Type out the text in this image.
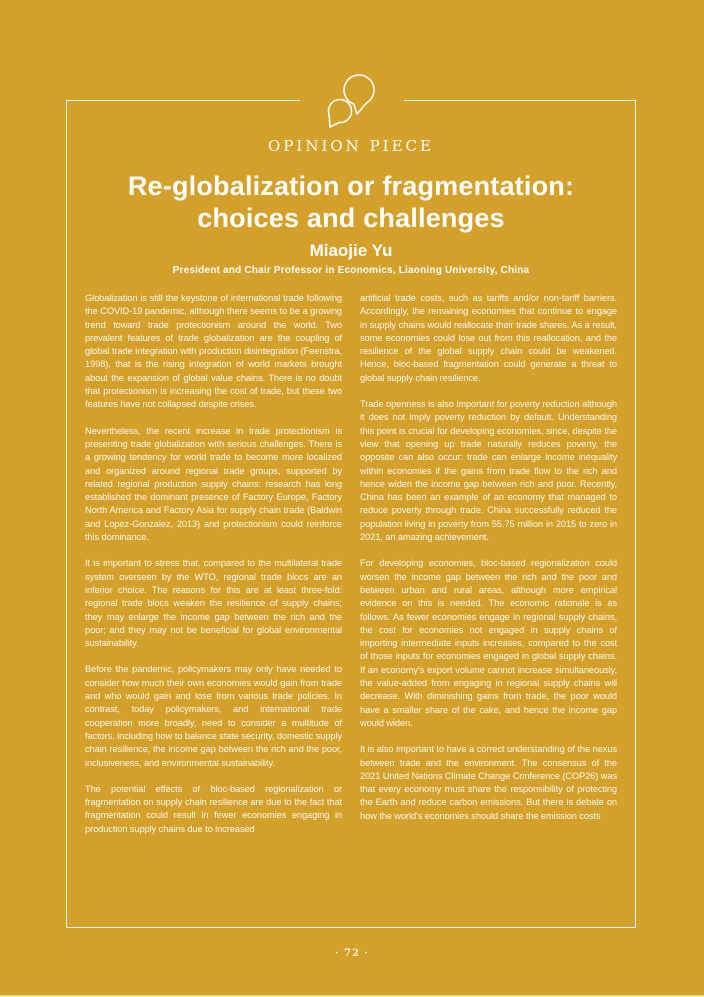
OPINION PIECE
Re-globalization or fragmentation:
choices and challenges
Miaojie Yu
President and Chair Professor in Economics, Liaoning University, China

Globalization is still the keystone of international trade following the COVID-19 pandemic, although there seems to be a growing trend toward trade protectionism around the world. Two prevalent features of trade globalization are the coupling of global trade integration with production disintegration (Feenstra, 1998), that is the rising integration of world markets brought about the expansion of global value chains. There is no doubt that protectionism is increasing the cost of trade, but these two features have not collapsed despite crises.

Nevertheless, the recent increase in trade protectionism is presenting trade globalization with serious challenges. There is a growing tendency for world trade to become more localized and organized around regional trade groups, supported by related regional production supply chains: research has long established the dominant presence of Factory Europe, Factory North America and Factory Asia for supply chain trade (Baldwin and Lopez-Gonzalez, 2013) and protectionism could reinforce this dominance.

It is important to stress that, compared to the multilateral trade system overseen by the WTO, regional trade blocs are an inferior choice. The reasons for this are at least three-fold: regional trade blocs weaken the resilience of supply chains; they may enlarge the income gap between the rich and the poor; and they may not be beneficial for global environmental sustainability.

Before the pandemic, policymakers may only have needed to consider how much their own economies would gain from trade and who would gain and lose from various trade policies. In contrast, today policymakers, and international trade cooperation more broadly, need to consider a multitude of factors, including how to balance state security, domestic supply chain resilience, the income gap between the rich and the poor, inclusiveness, and environmental sustainability.

The potential effects of bloc-based regionalization or fragmentation on supply chain resilience are due to the fact that fragmentation could result in fewer economies engaging in production supply chains due to increased

artificial trade costs, such as tariffs and/or non-tariff barriers. Accordingly, the remaining economies that continue to engage in supply chains would reallocate their trade shares. As a result, some economies could lose out from this reallocation, and the resilience of the global supply chain could be weakened. Hence, bloc-based fragmentation could generate a threat to global supply chain resilience.

Trade openness is also important for poverty reduction although it does not imply poverty reduction by default. Understanding this point is crucial for developing economies, since, despite the view that opening up trade naturally reduces poverty, the opposite can also occur: trade can enlarge income inequality within economies if the gains from trade flow to the rich and hence widen the income gap between rich and poor. Recently, China has been an example of an economy that managed to reduce poverty through trade. China successfully reduced the population living in poverty from 55.75 million in 2015 to zero in 2021, an amazing achievement.

For developing economies, bloc-based regionalization could worsen the income gap between the rich and the poor and between urban and rural areas, although more empirical evidence on this is needed. The economic rationale is as follows. As fewer economies engage in regional supply chains, the cost for economies not engaged in supply chains of importing intermediate inputs increases, compared to the cost of those inputs for economies engaged in global supply chains. If an economy's export volume cannot increase simultaneously, the value-added from engaging in regional supply chains will decrease. With diminishing gains from trade, the poor would have a smaller share of the cake, and hence the income gap would widen.

It is also important to have a correct understanding of the nexus between trade and the environment. The consensus of the 2021 United Nations Climate Change Conference (COP26) was that every economy must share the responsibility of protecting the Earth and reduce carbon emissions. But there is debate on how the world's economies should share the emission costs

· 72 ·
